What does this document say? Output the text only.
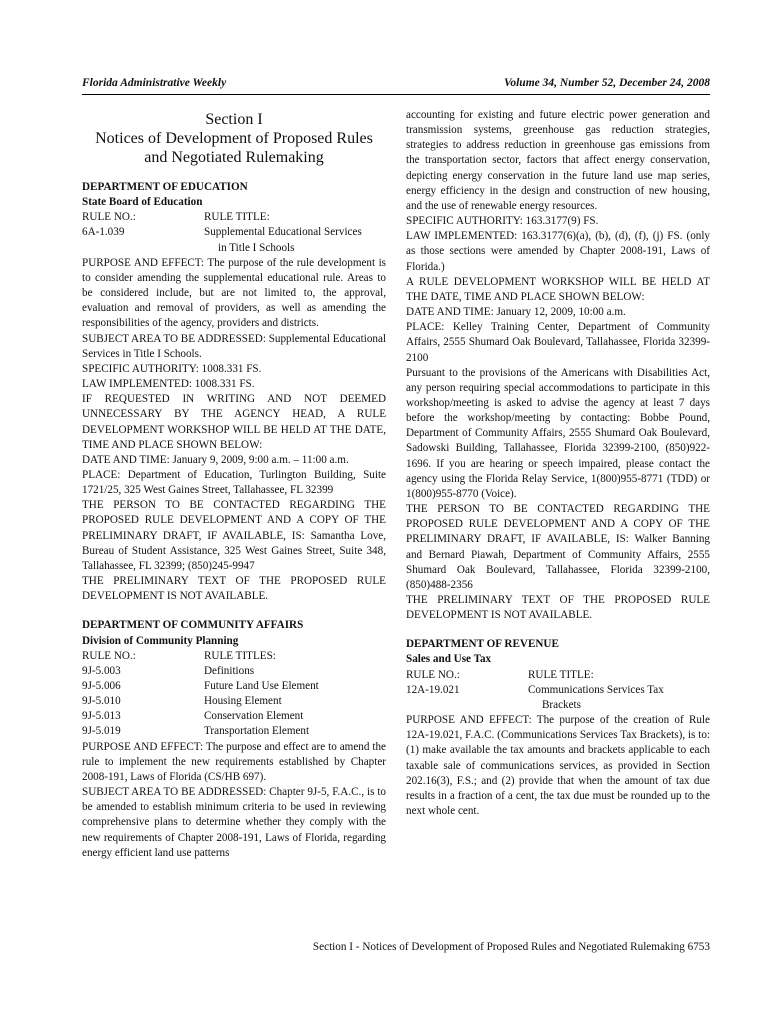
Florida Administrative Weekly	Volume 34, Number 52, December 24, 2008
Section I
Notices of Development of Proposed Rules
and Negotiated Rulemaking
DEPARTMENT OF EDUCATION
State Board of Education
RULE NO.:	RULE TITLE:
6A-1.039	Supplemental Educational Services
in Title I Schools

PURPOSE AND EFFECT: The purpose of the rule development is to consider amending the supplemental educational rule. Areas to be considered include, but are not limited to, the approval, evaluation and removal of providers, as well as amending the responsibilities of the agency, providers and districts.

SUBJECT AREA TO BE ADDRESSED: Supplemental Educational Services in Title I Schools.

SPECIFIC AUTHORITY: 1008.331 FS.

LAW IMPLEMENTED: 1008.331 FS.

IF REQUESTED IN WRITING AND NOT DEEMED UNNECESSARY BY THE AGENCY HEAD, A RULE DEVELOPMENT WORKSHOP WILL BE HELD AT THE DATE, TIME AND PLACE SHOWN BELOW:

DATE AND TIME: January 9, 2009, 9:00 a.m. – 11:00 a.m.

PLACE: Department of Education, Turlington Building, Suite 1721/25, 325 West Gaines Street, Tallahassee, FL 32399

THE PERSON TO BE CONTACTED REGARDING THE PROPOSED RULE DEVELOPMENT AND A COPY OF THE PRELIMINARY DRAFT, IF AVAILABLE, IS: Samantha Love, Bureau of Student Assistance, 325 West Gaines Street, Suite 348, Tallahassee, FL 32399; (850)245-9947

THE PRELIMINARY TEXT OF THE PROPOSED RULE DEVELOPMENT IS NOT AVAILABLE.

DEPARTMENT OF COMMUNITY AFFAIRS
Division of Community Planning
RULE NO.:	RULE TITLES:
9J-5.003	Definitions
9J-5.006	Future Land Use Element
9J-5.010	Housing Element
9J-5.013	Conservation Element
9J-5.019	Transportation Element

PURPOSE AND EFFECT: The purpose and effect are to amend the rule to implement the new requirements established by Chapter 2008-191, Laws of Florida (CS/HB 697).

SUBJECT AREA TO BE ADDRESSED: Chapter 9J-5, F.A.C., is to be amended to establish minimum criteria to be used in reviewing comprehensive plans to determine whether they comply with the new requirements of Chapter 2008-191, Laws of Florida, regarding energy efficient land use patterns

accounting for existing and future electric power generation and transmission systems, greenhouse gas reduction strategies, strategies to address reduction in greenhouse gas emissions from the transportation sector, factors that affect energy conservation, depicting energy conservation in the future land use map series, energy efficiency in the design and construction of new housing, and the use of renewable energy resources.

SPECIFIC AUTHORITY: 163.3177(9) FS.

LAW IMPLEMENTED: 163.3177(6)(a), (b), (d), (f), (j) FS. (only as those sections were amended by Chapter 2008-191, Laws of Florida.)

A RULE DEVELOPMENT WORKSHOP WILL BE HELD AT THE DATE, TIME AND PLACE SHOWN BELOW:

DATE AND TIME: January 12, 2009, 10:00 a.m.

PLACE: Kelley Training Center, Department of Community Affairs, 2555 Shumard Oak Boulevard, Tallahassee, Florida 32399-2100

Pursuant to the provisions of the Americans with Disabilities Act, any person requiring special accommodations to participate in this workshop/meeting is asked to advise the agency at least 7 days before the workshop/meeting by contacting: Bobbe Pound, Department of Community Affairs, 2555 Shumard Oak Boulevard, Sadowski Building, Tallahassee, Florida 32399-2100, (850)922-1696. If you are hearing or speech impaired, please contact the agency using the Florida Relay Service, 1(800)955-8771 (TDD) or 1(800)955-8770 (Voice).

THE PERSON TO BE CONTACTED REGARDING THE PROPOSED RULE DEVELOPMENT AND A COPY OF THE PRELIMINARY DRAFT, IF AVAILABLE, IS: Walker Banning and Bernard Piawah, Department of Community Affairs, 2555 Shumard Oak Boulevard, Tallahassee, Florida 32399-2100, (850)488-2356

THE PRELIMINARY TEXT OF THE PROPOSED RULE DEVELOPMENT IS NOT AVAILABLE.

DEPARTMENT OF REVENUE
Sales and Use Tax
RULE NO.:	RULE TITLE:
12A-19.021	Communications Services Tax
Brackets

PURPOSE AND EFFECT: The purpose of the creation of Rule 12A-19.021, F.A.C. (Communications Services Tax Brackets), is to: (1) make available the tax amounts and brackets applicable to each taxable sale of communications services, as provided in Section 202.16(3), F.S.; and (2) provide that when the amount of tax due results in a fraction of a cent, the tax due must be rounded up to the next whole cent.

Section I - Notices of Development of Proposed Rules and Negotiated Rulemaking 6753
